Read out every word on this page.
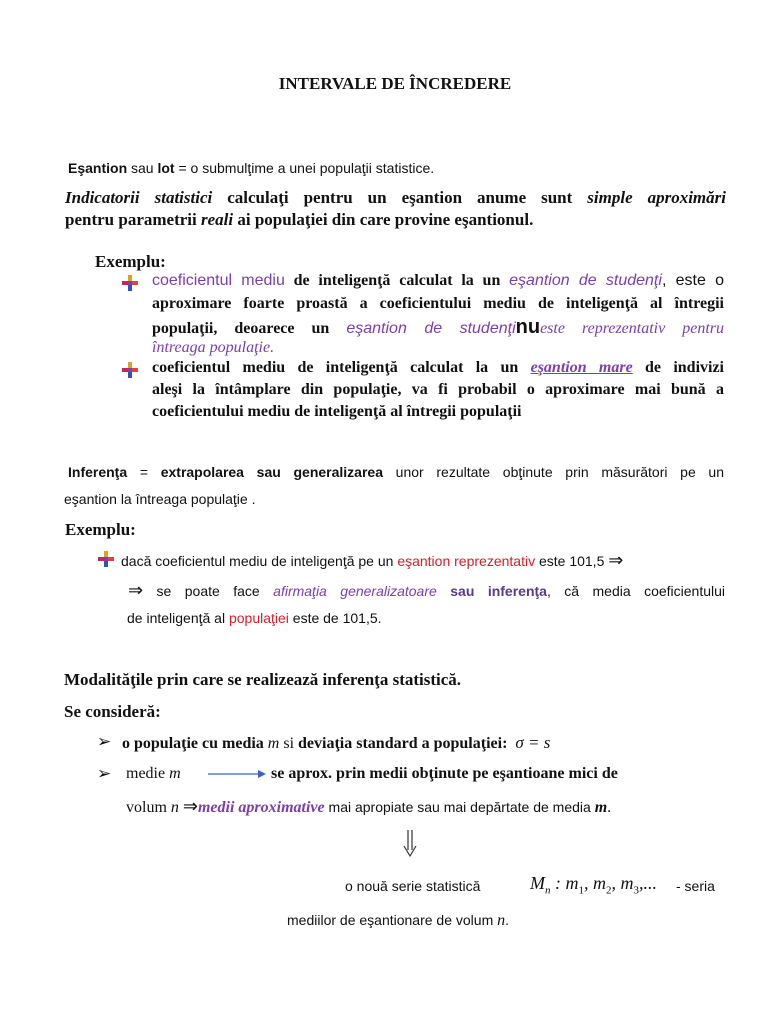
INTERVALE DE ÎNCREDERE
Eşantion sau lot = o submulţime a unei populaţii statistice.
Indicatorii statistici calculaţi pentru un eşantion anume sunt simple aproximări
pentru parametrii reali ai populaţiei din care provine eşantionul.
Exemplu:
coeficientul mediu de inteligenţă calculat la un eşantion de studenţi, este o
aproximare foarte proastă a coeficientului mediu de inteligenţă al întregii
populaţii, deoarece un eşantion de studenţinueste reprezentativ pentru
întreaga populaţie.
coeficientul mediu de inteligenţă calculat la un eşantion mare de indivizi
aleşi la întâmplare din populaţie, va fi probabil o aproximare mai bună a
coeficientului mediu de inteligenţă al întregii populaţii
Inferenţa = extrapolarea sau generalizarea unor rezultate obţinute prin măsurători pe un
eşantion la întreaga populaţie .
Exemplu:
dacă coeficientul mediu de inteligenţă pe un eşantion reprezentativ este 101,5 ⇒
⇒ se poate face afirmaţia generalizatoare sau inferenţa, că media coeficientului
de inteligenţă al populaţiei este de 101,5.
Modalităţile prin care se realizează inferenţa statistică.
Se consideră:
➢ o populaţie cu media m si deviaţia standard a populaţiei: σ = s
➢ medie m	se aprox. prin medii obţinute pe eşantioane mici de
volum n ⇒medii aproximative mai apropiate sau mai depărtate de media m.
o nouă serie statistică	$M_n$ : $m_1$, $m_2$, $m_3$,... - seria
mediilor de eşantionare de volum n.
